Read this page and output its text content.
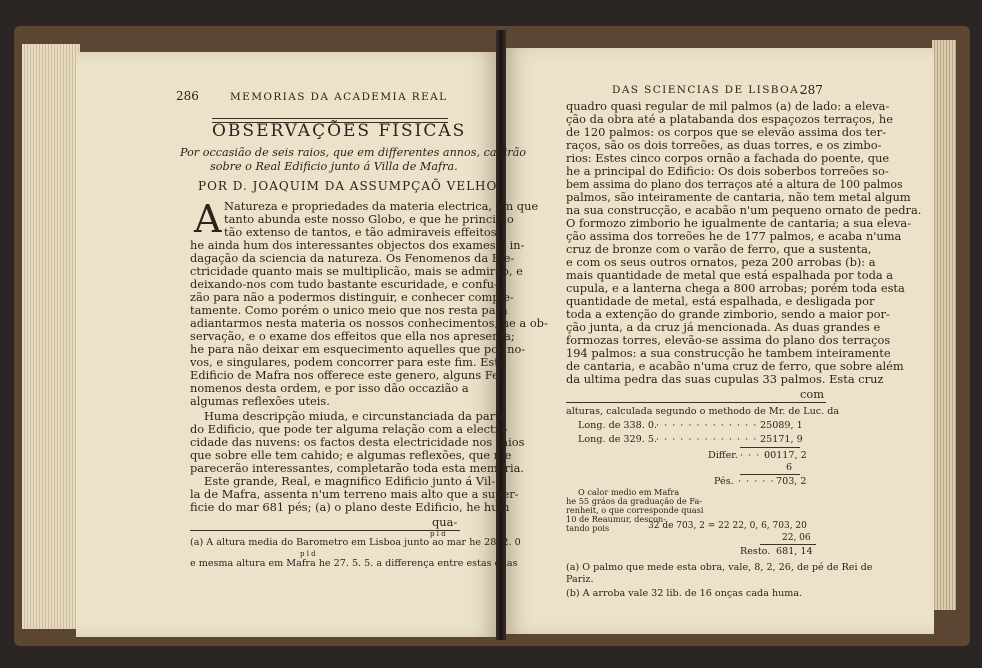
286	MEMORIAS DA ACADEMIA REAL
OBSERVAÇÕES FISICAS
Por occasião de seis raios, que em differentes annos, cahirão
sobre o Real Edificio junto á Villa de Mafra.
POR D. JOAQUIM DA ASSUMPÇAÕ VELHO.
A Natureza e propriedades da materia electrica, em que
tanto abunda este nosso Globo, e que he principio
tão extenso de tantos, e tão admiraveis effeitos;
he ainda hum dos interessantes objectos dos exames e in-
dagação da sciencia da natureza. Os Fenomenos da Ele-
ctricidade quanto mais se multiplicão, mais se admirão, e
deixando-nos com tudo bastante escuridade, e confu-
zão para não a podermos distinguir, e conhecer comple-
tamente. Como porém o unico meio que nos resta para
adiantarmos nesta materia os nossos conhecimentos, he a ob-
servação, e o exame dos effeitos que ella nos apresenta;
he para não deixar em esquecimento aquelles que por no-
vos, e singulares, podem concorrer para este fim. Este
Edificio de Mafra nos offerece este genero, alguns Fe-
nomenos desta ordem, e por isso dão occazião a
algumas reflexões uteis.
Huma descripção miuda, e circunstanciada da parte
do Edificio, que pode ter alguma relação com a electri-
cidade das nuvens: os factos desta electricidade nos raios
que sobre elle tem cahido; e algumas reflexões, que me
parecerão interessantes, completarão toda esta memoria.
Este grande, Real, e magnifico Edificio junto á Vil-
la de Mafra, assenta n'um terreno mais alto que a super-
ficie do mar 681 pés; (a) o plano deste Edificio, he hum
qua-
p l d
(a) A altura media do Barometro em Lisboa junto ao mar he 28. 2. 0
p l d
e mesma altura em Mafra he 27. 5. 5. a differença entre estas duas
DAS SCIENCIAS DE LISBOA.
287
quadro quasi regular de mil palmos (a) de lado: a eleva-
ção da obra até a platabanda dos espaçozos terraços, he
de 120 palmos: os corpos que se elevão assima dos ter-
raços, são os dois torreões, as duas torres, e os zimbo-
rios: Estes cinco corpos ornão a fachada do poente, que
he a principal do Edificio: Os dois soberbos torreões so-
bem assima do plano dos terraços até a altura de 100 palmos
palmos, são inteiramente de cantaria, não tem metal algum
na sua construcção, e acabão n'um pequeno ornato de pedra.
O formozo zimborio he igualmente de cantaria; a sua eleva-
ção assima dos torreões he de 177 palmos, e acaba n'uma
cruz de bronze com o varão de ferro, que a sustenta,
e com os seus outros ornatos, peza 200 arrobas (b): a
mais quantidade de metal que está espalhada por toda a
cupula, e a lanterna chega a 800 arrobas; porém toda esta
quantidade de metal, está espalhada, e desligada por
toda a extenção do grande zimborio, sendo a maior por-
ção junta, a da cruz já mencionada. As duas grandes e
formozas torres, elevão-se assima do plano dos terraços
194 palmos: a sua construcção he tambem inteiramente
de cantaria, e acabão n'uma cruz de ferro, que sobre além
da ultima pedra das suas cupulas 33 palmos. Esta cruz
com
alturas, calculada segundo o methodo de Mr. de Luc. da
Long. de 338. 0. · · · · · · · · · · · · · 25089, 1
Long. de 329. 5. · · · · · · · · · · · · · 25171, 9
Differ. · · · ·
00117, 2
6
Pés. · · · · · 703, 2
O calor medio em Mafra
he 55 gráos da graduação de Fa-
renheit, o que corresponde quasi
10 de Reaumur, descon-
tando pois	32 de 703, 2 = 22 22, 0, 6, 703, 20
22, 06
Resto. 681, 14
(a) O palmo que mede esta obra, vale, 8, 2, 26, de pé de Rei de
Pariz.
(b) A arroba vale 32 lib. de 16 onças cada huma.
